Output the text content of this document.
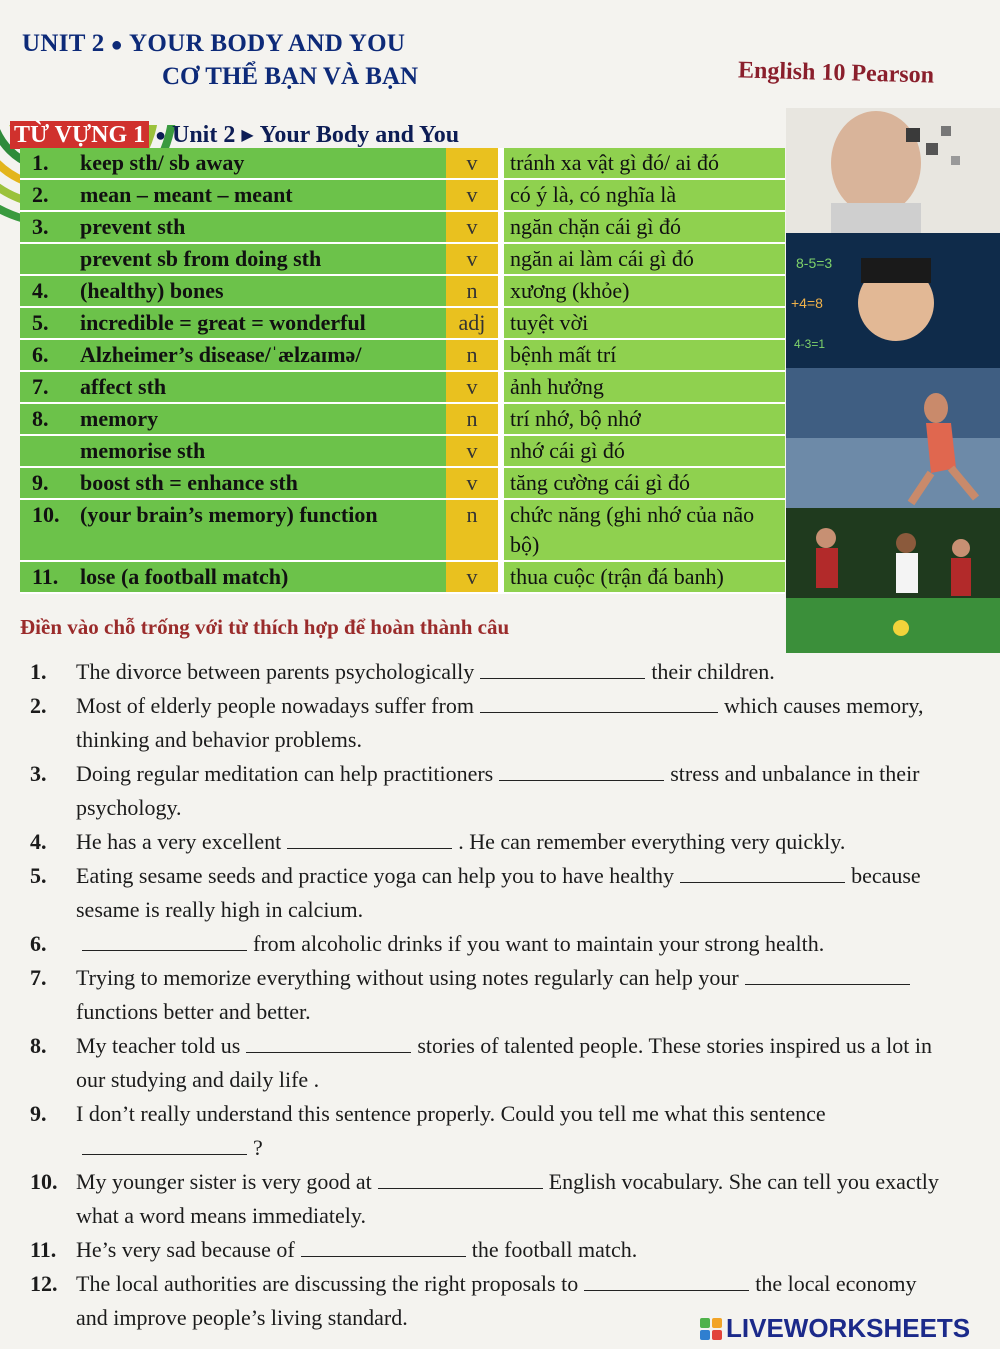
UNIT 2 ● YOUR BODY AND YOU
CƠ THỂ BẠN VÀ BẠN	English 10 Pearson
TỪ VỰNG 1 ● Unit 2 ▶ Your Body and You
1.	keep sth/ sb away	v	tránh xa vật gì đó/ ai đó
2.	mean – meant – meant	v	có ý là, có nghĩa là
3.	prevent sth	v	ngăn chặn cái gì đó
	prevent sb from doing sth	v	ngăn ai làm cái gì đó
4.	(healthy) bones	n	xương (khỏe)
5.	incredible = great = wonderful	adj	tuyệt vời
6.	Alzheimer’s disease/ˈælzaɪmə/	n	bệnh mất trí
7.	affect sth	v	ảnh hưởng
8.	memory	n	trí nhớ, bộ nhớ
	memorise sth	v	nhớ cái gì đó
9.	boost sth = enhance sth	v	tăng cường cái gì đó
10.	(your brain’s memory) function	n	chức năng (ghi nhớ của não bộ)
11.	lose (a football match)	v	thua cuộc (trận đá banh)
8-5=3
+4=8
4-3=1
Điền vào chỗ trống với từ thích hợp để hoàn thành câu
1.	The divorce between parents psychologically	their children.
2.	Most of elderly people nowadays suffer from	which causes memory, thinking and behavior problems.
3.	Doing regular meditation can help practitioners	stress and unbalance in their psychology.
4.	He has a very excellent	. He can remember everything very quickly.
5.	Eating sesame seeds and practice yoga can help you to have healthy	because sesame is really high in calcium.
6.	from alcoholic drinks if you want to maintain your strong health.
7.	Trying to memorize everything without using notes regularly can help yourfunctions better and better.
8.	My teacher told us	stories of talented people. These stories inspired us a lot in our studying and daily life .
9.	I don’t really understand this sentence properly. Could you tell me what this sentence?
10. My younger sister is very good at	English vocabulary. She can tell you exactly what a word means immediately.
11. He’s very sad because of	the football match.
12. The local authorities are discussing the right proposals to	the local economy and improve people’s living standard.	LIVEWORKSHEETS
